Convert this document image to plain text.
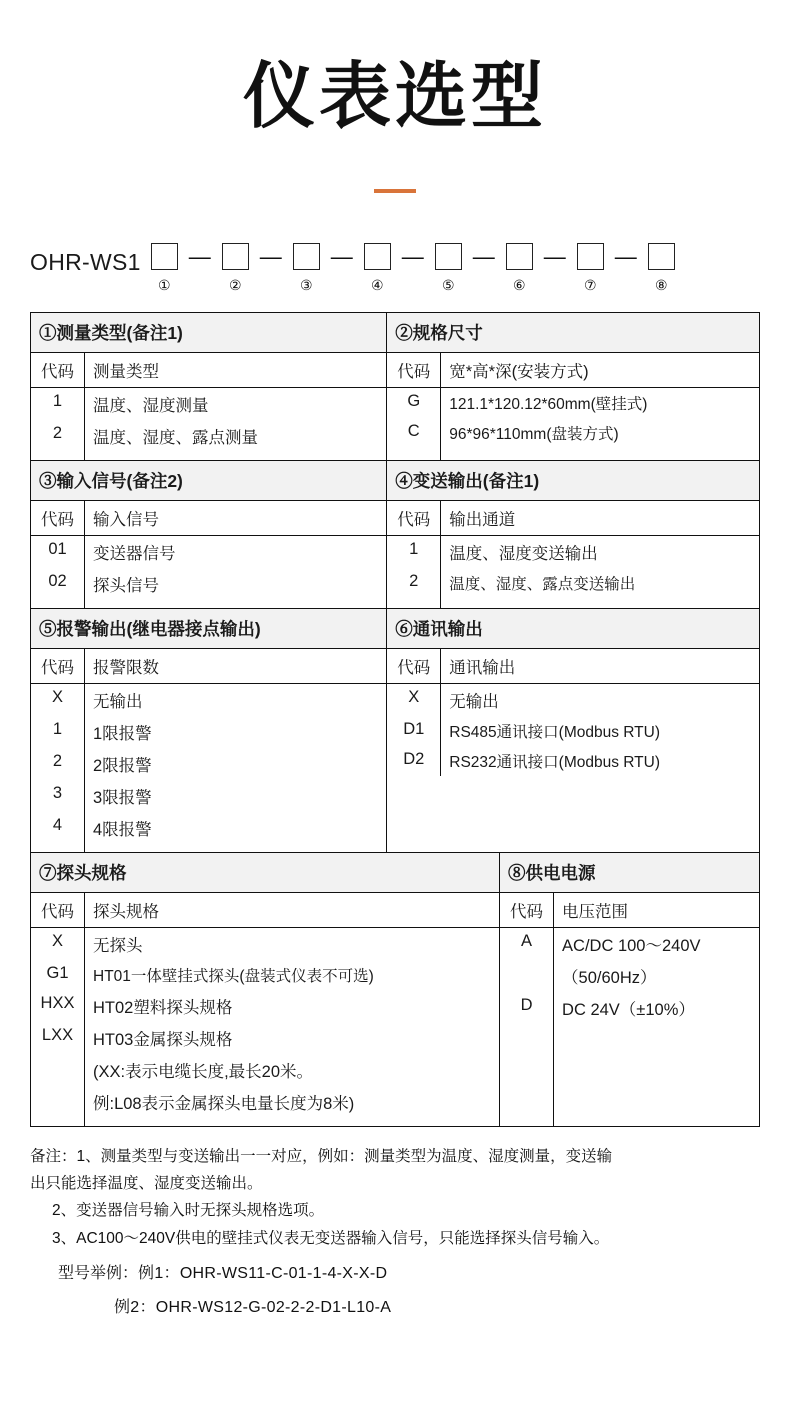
仪表选型
OHR-WS1
①
—
②
—
③
—
④
—
⑤
—
⑥
—
⑦
—
⑧
①测量类型(备注1)
代码	测量类型
1	温度、湿度测量
2	温度、湿度、露点测量
②规格尺寸
代码	宽*高*深(安装方式)
G	121.1*120.12*60mm(壁挂式)
C	96*96*110mm(盘装方式)
③输入信号(备注2)
代码	输入信号
01	变送器信号
02	探头信号
④变送输出(备注1)
代码	输出通道
1	温度、湿度变送输出
2	温度、湿度、露点变送输出
⑤报警输出(继电器接点输出)
代码	报警限数
X	无输出
1	1限报警
2	2限报警
3	3限报警
4	4限报警
⑥通讯输出
代码	通讯输出
X	无输出
D1	RS485通讯接口(Modbus RTU)
D2	RS232通讯接口(Modbus RTU)
⑦探头规格
代码	探头规格
X	无探头
G1	HT01一体壁挂式探头(盘装式仪表不可选)
HXX	HT02塑料探头规格
LXX	HT03金属探头规格
(XX:表示电缆长度,最长20米。
例:L08表示金属探头电量长度为8米)
⑧供电电源
代码	电压范围
A	AC/DC 100～240V
（50/60Hz）
D	DC 24V（±10%）
备注：1、测量类型与变送输出一一对应，例如：测量类型为温度、湿度测量，变送输
出只能选择温度、湿度变送输出。
2、变送器信号输入时无探头规格选项。
3、AC100～240V供电的壁挂式仪表无变送器输入信号，只能选择探头信号输入。
型号举例：例1：OHR-WS11-C-01-1-4-X-X-D
例2：OHR-WS12-G-02-2-2-D1-L10-A
